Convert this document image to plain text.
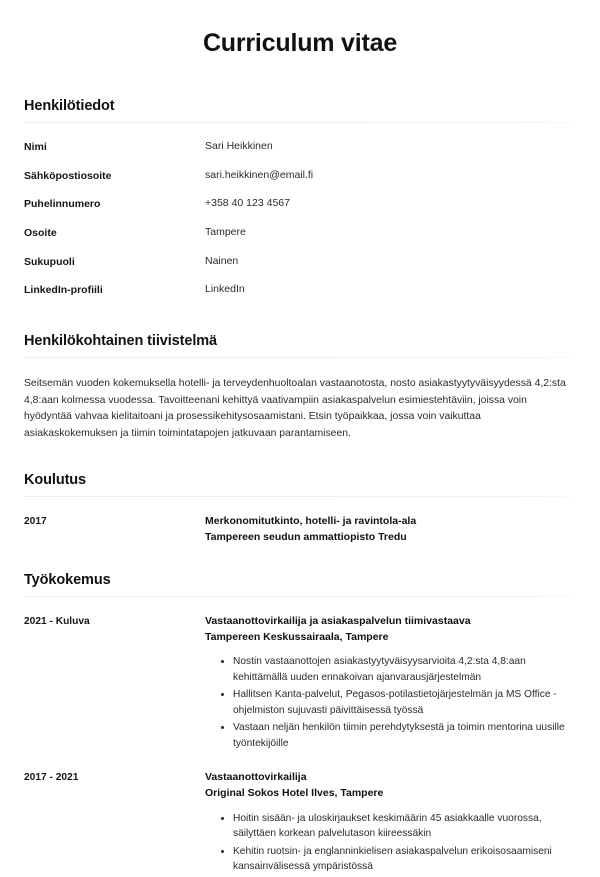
Curriculum vitae
Henkilötiedot
Nimi	Sari Heikkinen
Sähköpostiosoite	sari.heikkinen@email.fi
Puhelinnumero	+358 40 123 4567
Osoite	Tampere
Sukupuoli	Nainen
LinkedIn-profiili	LinkedIn
Henkilökohtainen tiivistelmä

Seitsemän vuoden kokemuksella hotelli- ja terveydenhuoltoalan vastaanotosta, nosto asiakastyytyväisyydessä 4,2:sta 4,8:aan kolmessa vuodessa. Tavoitteenani kehittyä vaativampiin asiakaspalvelun esimiestehtäviin, joissa voin hyödyntää vahvaa kielitaitoani ja prosessikehitysosaamistani. Etsin työpaikkaa, jossa voin vaikuttaa asiakaskokemuksen ja tiimin toimintatapojen jatkuvaan parantamiseen.

Koulutus
2017	Merkonomitutkinto, hotelli- ja ravintola-ala
Tampereen seudun ammattiopisto Tredu
Työkokemus
2021 - Kuluva	Vastaanottovirkailija ja asiakaspalvelun tiimivastaava
Tampereen Keskussairaala, Tampere
Nostin vastaanottojen asiakastyytyväisyysarvioita 4,2:sta 4,8:aan kehittämällä uuden ennakoivan ajanvarausjärjestelmän
Hallitsen Kanta-palvelut, Pegasos-potilastietojärjestelmän ja MS Office -ohjelmiston sujuvasti päivittäisessä työssä
Vastaan neljän henkilön tiimin perehdytyksestä ja toimin mentorina uusille työntekijöille
2017 - 2021	Vastaanottovirkailija
Original Sokos Hotel Ilves, Tampere
Hoitin sisään- ja uloskirjaukset keskimäärin 45 asiakkaalle vuorossa, säilyttäen korkean palvelutason kiireessäkin
Kehitin ruotsin- ja englanninkielisen asiakaspalvelun erikoisosaamiseni kansainvälisessä ympäristössä
